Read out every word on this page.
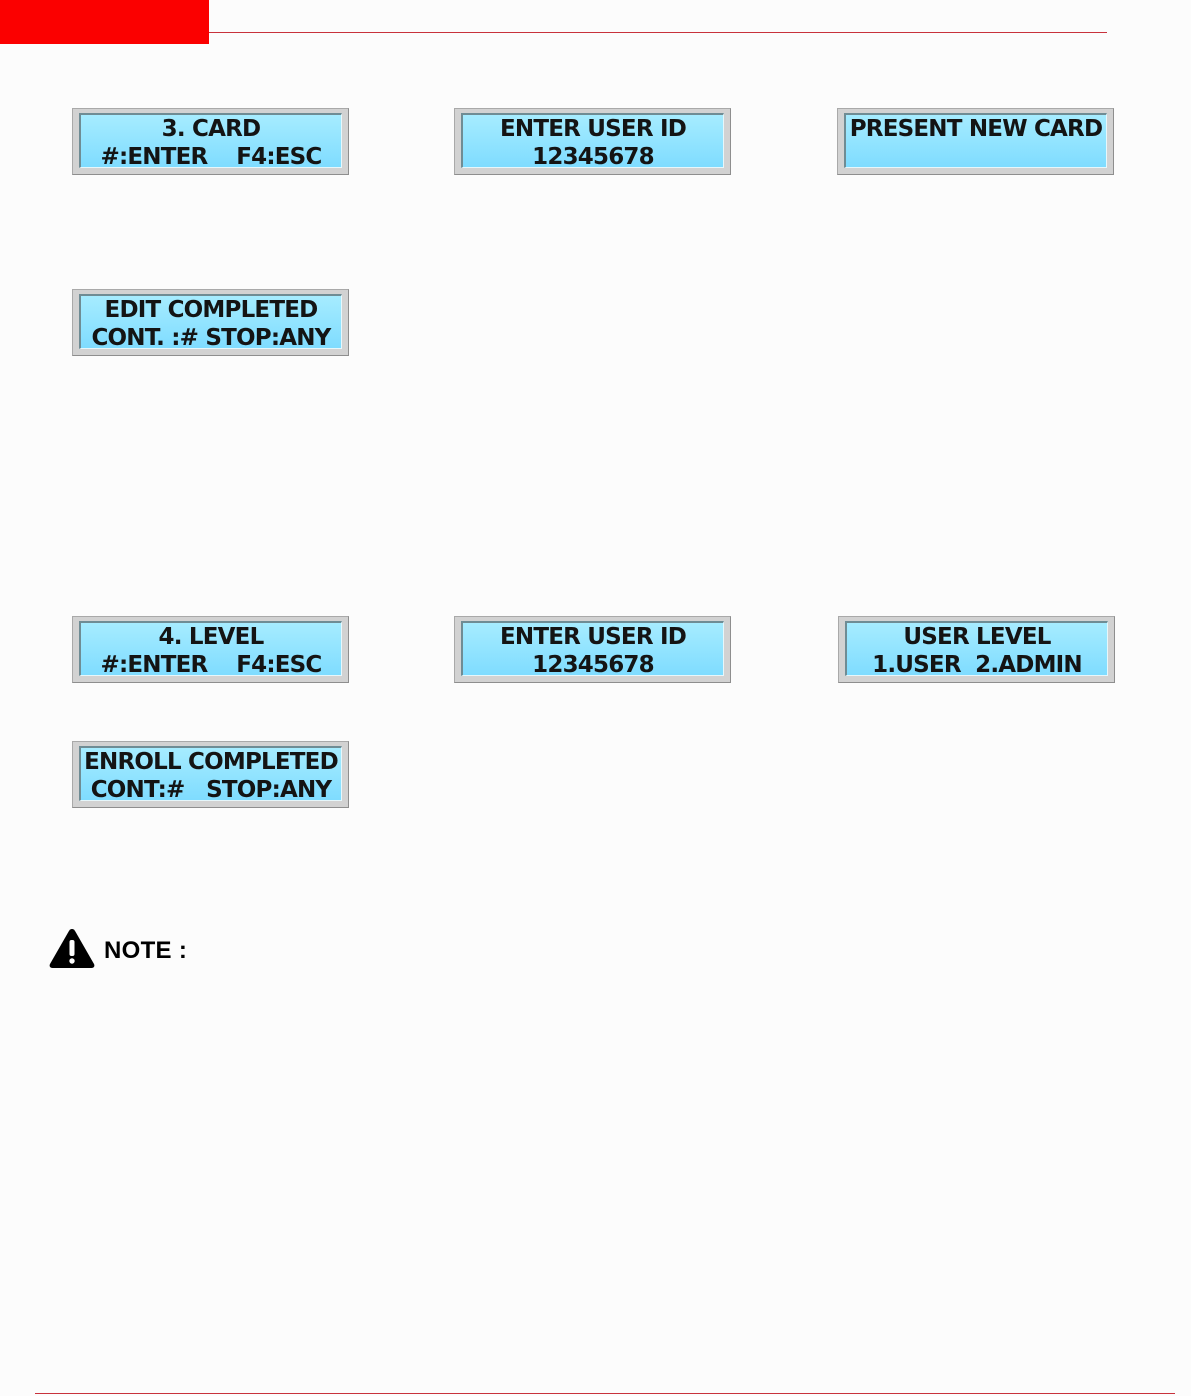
3. CARD
#:ENTER    F4:ESC
ENTER USER ID
12345678
PRESENT NEW CARD
EDIT COMPLETED
CONT. :# STOP:ANY
4. LEVEL
#:ENTER    F4:ESC
ENTER USER ID
12345678
USER LEVEL
1.USER  2.ADMIN
ENROLL COMPLETED
CONT:#   STOP:ANY
NOTE :
